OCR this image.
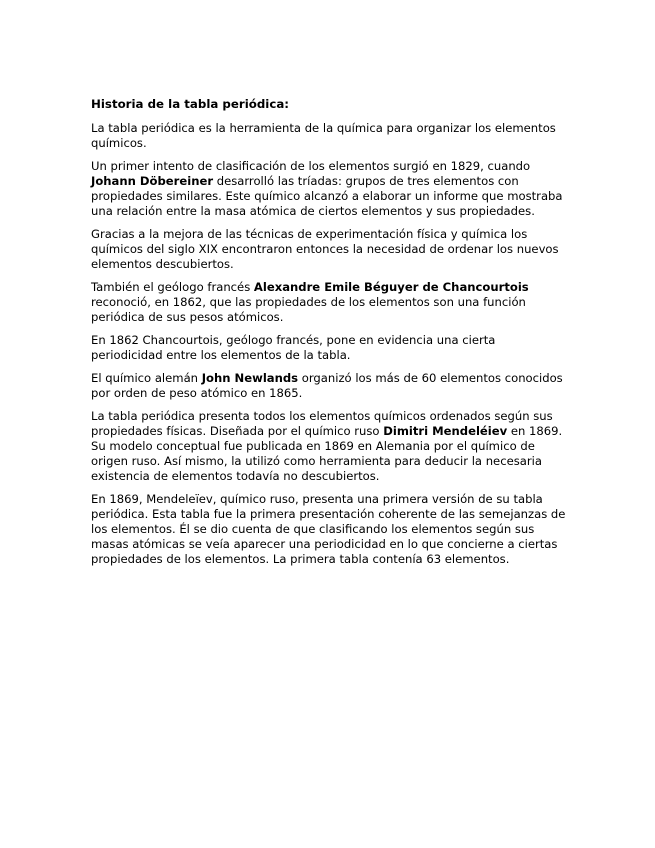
Historia de la tabla periódica:

La tabla periódica es la herramienta de la química para organizar los elementos químicos.

Un primer intento de clasificación de los elementos surgió en 1829, cuando Johann Döbereiner desarrolló las tríadas: grupos de tres elementos con propiedades similares. Este químico alcanzó a elaborar un informe que mostraba una relación entre la masa atómica de ciertos elementos y sus propiedades.

Gracias a la mejora de las técnicas de experimentación física y química los químicos del siglo XIX encontraron entonces la necesidad de ordenar los nuevos elementos descubiertos.

También el geólogo francés Alexandre Emile Béguyer de Chancourtois reconoció, en 1862, que las propiedades de los elementos son una función periódica de sus pesos atómicos.

En 1862 Chancourtois, geólogo francés, pone en evidencia una cierta periodicidad entre los elementos de la tabla.

El químico alemán John Newlands organizó los más de 60 elementos conocidos por orden de peso atómico en 1865.

La tabla periódica presenta todos los elementos químicos ordenados según sus propiedades físicas. Diseñada por el químico ruso Dimitri Mendeléiev en 1869. Su modelo conceptual fue publicada en 1869 en Alemania por el químico de origen ruso. Así mismo, la utilizó como herramienta para deducir la necesaria existencia de elementos todavía no descubiertos.

En 1869, Mendeleïev, químico ruso, presenta una primera versión de su tabla periódica. Esta tabla fue la primera presentación coherente de las semejanzas de los elementos. Él se dio cuenta de que clasificando los elementos según sus masas atómicas se veía aparecer una periodicidad en lo que concierne a ciertas propiedades de los elementos. La primera tabla contenía 63 elementos.
